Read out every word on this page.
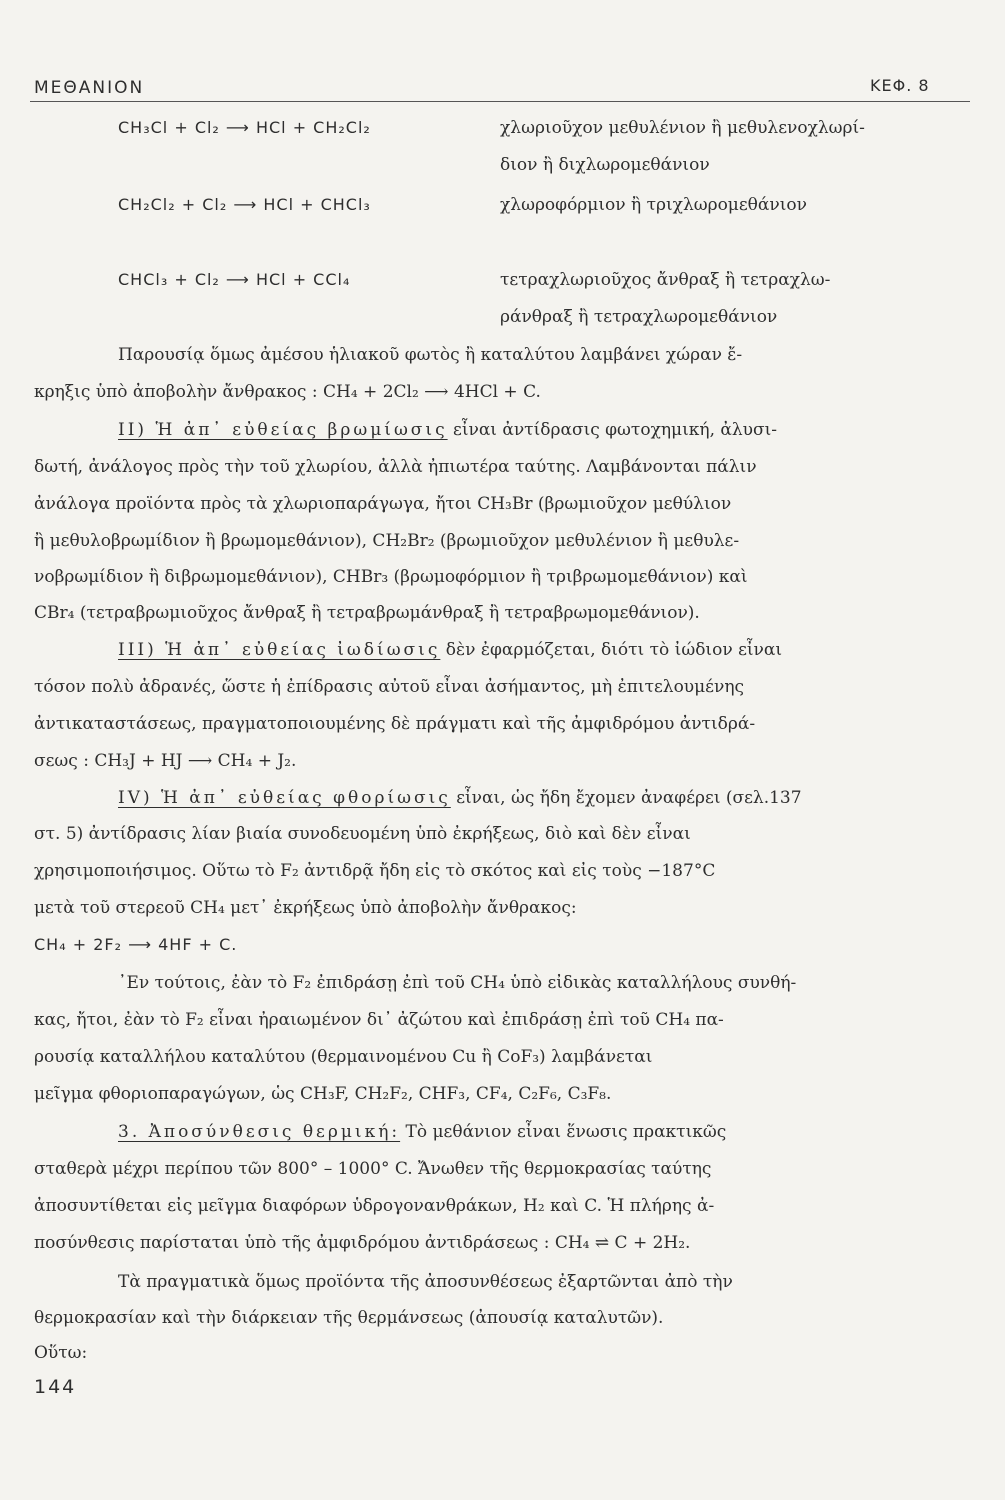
ΜΕΘΑΝΙΟΝ	ΚΕΦ. 8
CH₃Cl + Cl₂ ⟶ HCl + CH₂Cl₂	χλωριοῦχον μεθυλένιον ἢ μεθυλενοχλωρί-
διον ἢ διχλωρομεθάνιον
CH₂Cl₂ + Cl₂ ⟶ HCl + CHCl₃	χλωροφόρμιον ἢ τριχλωρομεθάνιον
CHCl₃ + Cl₂ ⟶ HCl + CCl₄	τετραχλωριοῦχος ἄνθραξ ἢ τετραχλω-
ράνθραξ ἢ τετραχλωρομεθάνιον
Παρουσίᾳ ὅμως ἀμέσου ἡλιακοῦ φωτὸς ἢ καταλύτου λαμβάνει χώραν ἔ-
κρηξις ὑπὸ ἀποβολὴν ἄνθρακος : CH₄ + 2Cl₂ ⟶ 4HCl + C.
II) Ἡ ἀπ᾽ εὐθείας βρωμίωσις εἶναι ἀντίδρασις φωτοχημική, ἀλυσι-
δωτή, ἀνάλογος πρὸς τὴν τοῦ χλωρίου, ἀλλὰ ἠπιωτέρα ταύτης. Λαμβάνονται πάλιν
ἀνάλογα προϊόντα πρὸς τὰ χλωριοπαράγωγα, ἤτοι CH₃Br (βρωμιοῦχον μεθύλιον
ἢ μεθυλοβρωμίδιον ἢ βρωμομεθάνιον), CH₂Br₂ (βρωμιοῦχον μεθυλένιον ἢ μεθυλε-
νοβρωμίδιον ἢ διβρωμομεθάνιον), CHBr₃ (βρωμοφόρμιον ἢ τριβρωμομεθάνιον) καὶ
CBr₄ (τετραβρωμιοῦχος ἄνθραξ ἢ τετραβρωμάνθραξ ἢ τετραβρωμομεθάνιον).
III) Ἡ ἀπ᾽ εὐθείας ἰωδίωσις δὲν ἐφαρμόζεται, διότι τὸ ἰώδιον εἶναι
τόσον πολὺ ἀδρανές, ὥστε ἡ ἐπίδρασις αὐτοῦ εἶναι ἀσήμαντος, μὴ ἐπιτελουμένης
ἀντικαταστάσεως, πραγματοποιουμένης δὲ πράγματι καὶ τῆς ἀμφιδρόμου ἀντιδρά-
σεως : CH₃J + HJ ⟶ CH₄ + J₂.
IV) Ἡ ἀπ᾽ εὐθείας φθορίωσις εἶναι, ὡς ἤδη ἔχομεν ἀναφέρει (σελ.137
στ. 5) ἀντίδρασις λίαν βιαία συνοδευομένη ὑπὸ ἐκρήξεως, διὸ καὶ δὲν εἶναι
χρησιμοποιήσιμος. Οὕτω τὸ F₂ ἀντιδρᾷ ἤδη εἰς τὸ σκότος καὶ εἰς τοὺς −187°C
μετὰ τοῦ στερεοῦ CH₄ μετ᾽ ἐκρήξεως ὑπὸ ἀποβολὴν ἄνθρακος:
CH₄ + 2F₂ ⟶ 4HF + C.
᾽Εν τούτοις, ἐὰν τὸ F₂ ἐπιδράσῃ ἐπὶ τοῦ CH₄ ὑπὸ εἰδικὰς καταλλήλους συνθή-
κας, ἤτοι, ἐὰν τὸ F₂ εἶναι ἠραιωμένον δι᾽ ἀζώτου καὶ ἐπιδράσῃ ἐπὶ τοῦ CH₄ πα-
ρουσίᾳ καταλλήλου καταλύτου (θερμαινομένου Cu ἢ CoF₃) λαμβάνεται
μεῖγμα φθοριοπαραγώγων, ὡς CH₃F, CH₂F₂, CHF₃, CF₄, C₂F₆, C₃F₈.
3. Ἀποσύνθεσις θερμική: Τὸ μεθάνιον εἶναι ἕνωσις πρακτικῶς
σταθερὰ μέχρι περίπου τῶν 800° – 1000° C. Ἄνωθεν τῆς θερμοκρασίας ταύτης
ἀποσυντίθεται εἰς μεῖγμα διαφόρων ὑδρογονανθράκων, H₂ καὶ C. Ἡ πλήρης ἀ-
ποσύνθεσις παρίσταται ὑπὸ τῆς ἀμφιδρόμου ἀντιδράσεως : CH₄ ⇌ C + 2H₂.
Τὰ πραγματικὰ ὅμως προϊόντα τῆς ἀποσυνθέσεως ἐξαρτῶνται ἀπὸ τὴν
θερμοκρασίαν καὶ τὴν διάρκειαν τῆς θερμάνσεως (ἀπουσίᾳ καταλυτῶν).
Οὕτω:
144
